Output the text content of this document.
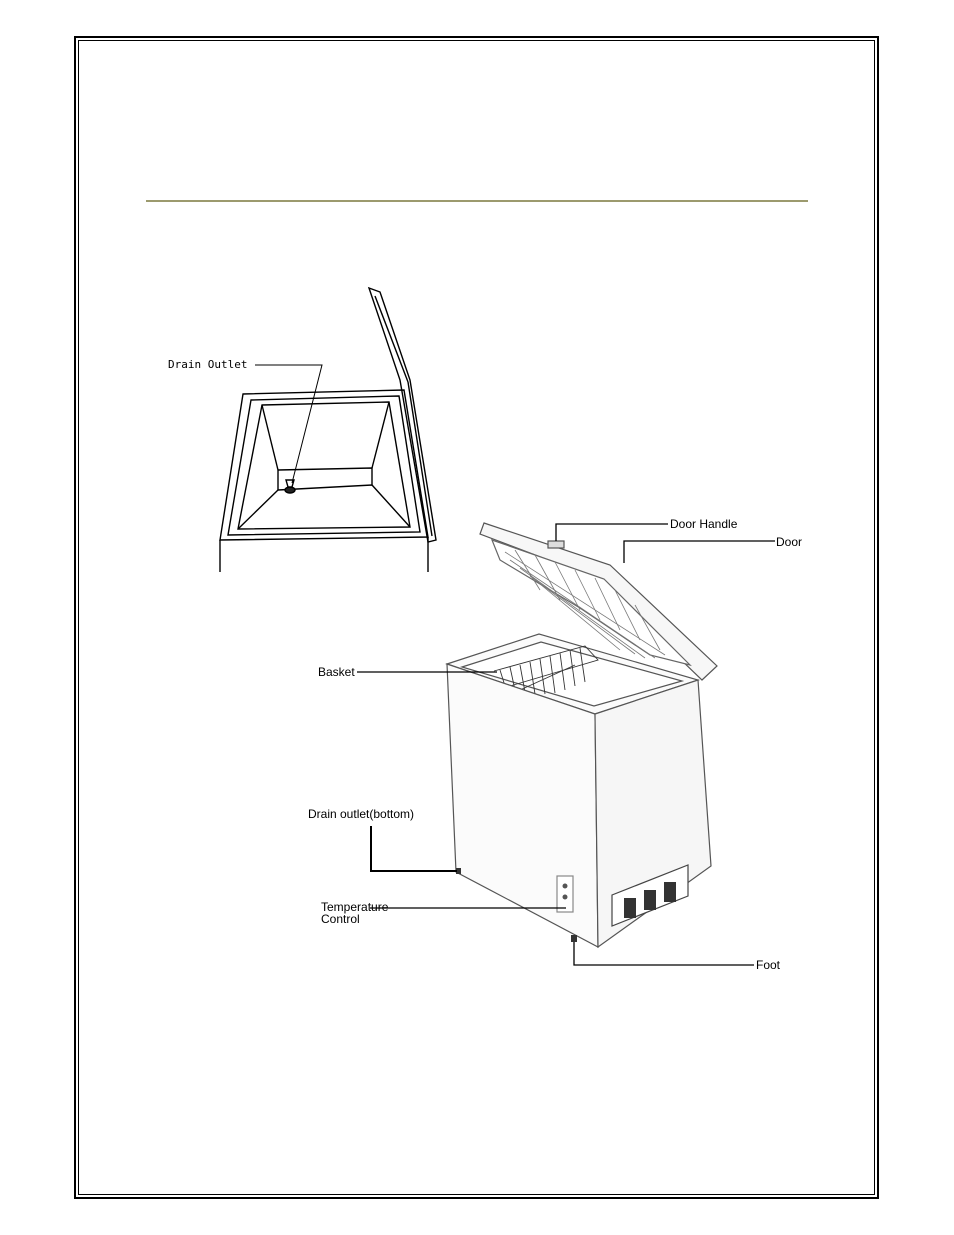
Drain Outlet
Door Handle
Door
Basket
Drain outlet(bottom)
Temperature
Control
Foot
